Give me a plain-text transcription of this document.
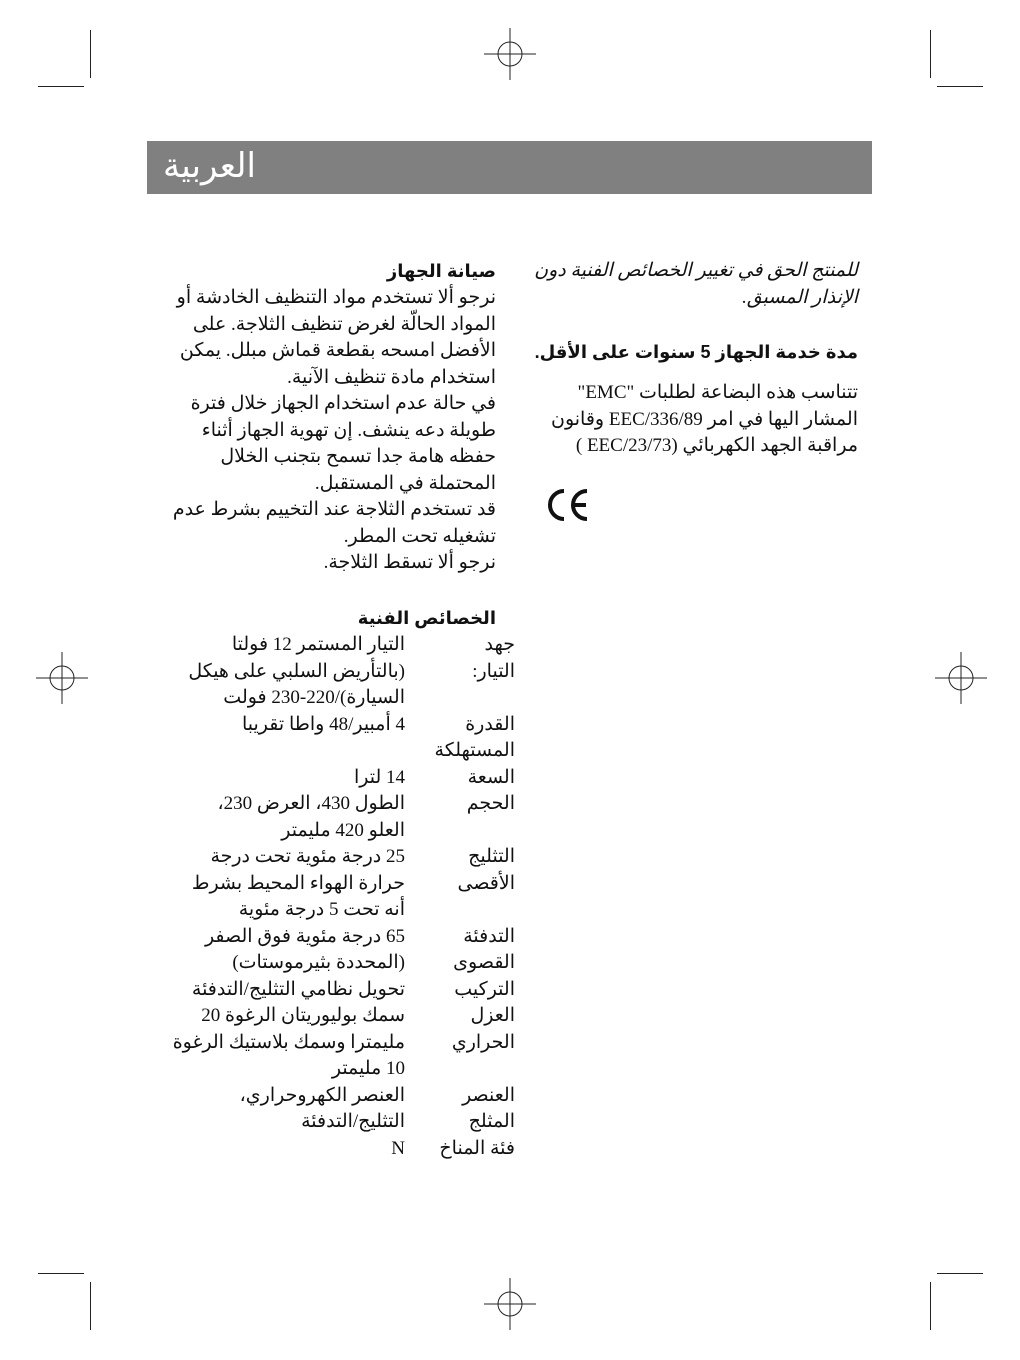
العربية

للمنتج الحق في تغيير الخصائص الفنية دون الإنذار المسبق.

مدة خدمة الجهاز 5 سنوات على الأقل.

تتناسب هذه البضاعة لطلبات "EMC" المشار اليها في امر EEC/336/89 وقانون مراقبة الجهد الكهربائي (EEC/23/73 )

صيانة الجهاز

نرجو ألا تستخدم مواد التنظيف الخادشة أو المواد الحالّة لغرض تنظيف الثلاجة. على الأفضل امسحه بقطعة قماش مبلل. يمكن استخدام مادة تنظيف الآنية.

في حالة عدم استخدام الجهاز خلال فترة طويلة دعه ينشف. إن تهوية الجهاز أثناء حفظه هامة جدا تسمح بتجنب الخلال المحتملة في المستقبل.

قد تستخدم الثلاجة عند التخييم بشرط عدم تشغيله تحت المطر.

نرجو ألا تسقط الثلاجة.

الخصائص الفنية

جهد
التيار:
التيار المستمر 12 فولتا
(بالتأريض السلبي على هيكل
السيارة)/220-230 فولت
القدرة
المستهلكة
4 أمبير/48 واطا تقريبا
السعة
14 لترا
الحجم
الطول 430، العرض 230،
العلو 420 مليمتر
التثليج
الأقصى
25 درجة مئوية تحت درجة
حرارة الهواء المحيط بشرط
أنه تحت 5 درجة مئوية
التدفئة
القصوى
65 درجة مئوية فوق الصفر
(المحددة بثيرموستات)
التركيب
تحويل نظامي التثليج/التدفئة
العزل
الحراري
سمك بوليوريتان الرغوة 20
مليمترا وسمك بلاستيك الرغوة
10 مليمتر
العنصر
المثلج
العنصر الكهروحراري،
التثليج/التدفئة
فئة المناخ
N
